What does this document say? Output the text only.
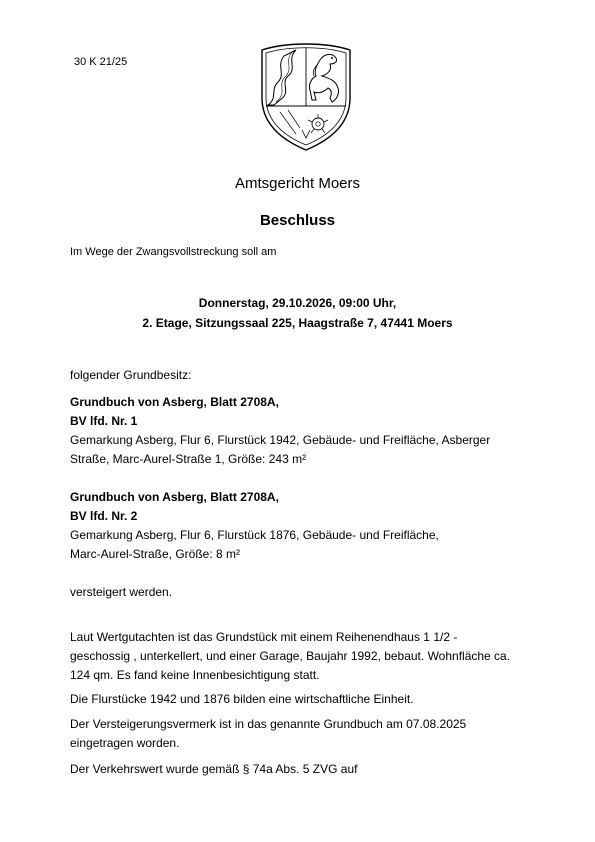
30 K 21/25
Amtsgericht Moers
Beschluss
Im Wege der Zwangsvollstreckung soll am
Donnerstag, 29.10.2026, 09:00 Uhr,
2. Etage, Sitzungssaal 225, Haagstraße 7, 47441 Moers
folgender Grundbesitz:
Grundbuch von Asberg, Blatt 2708A,
BV lfd. Nr. 1
Gemarkung Asberg, Flur 6, Flurstück 1942, Gebäude- und Freifläche, Asberger
Straße, Marc-Aurel-Straße 1, Größe: 243 m²
Grundbuch von Asberg, Blatt 2708A,
BV lfd. Nr. 2
Gemarkung Asberg, Flur 6, Flurstück 1876, Gebäude- und Freifläche,
Marc-Aurel-Straße, Größe: 8 m²
versteigert werden.
Laut Wertgutachten ist das Grundstück mit einem Reihenendhaus 1 1/2 -
geschossig , unterkellert, und einer Garage, Baujahr 1992, bebaut. Wohnfläche ca.
124 qm. Es fand keine Innenbesichtigung statt.
Die Flurstücke 1942 und 1876 bilden eine wirtschaftliche Einheit.
Der Versteigerungsvermerk ist in das genannte Grundbuch am 07.08.2025
eingetragen worden.
Der Verkehrswert wurde gemäß § 74a Abs. 5 ZVG auf
